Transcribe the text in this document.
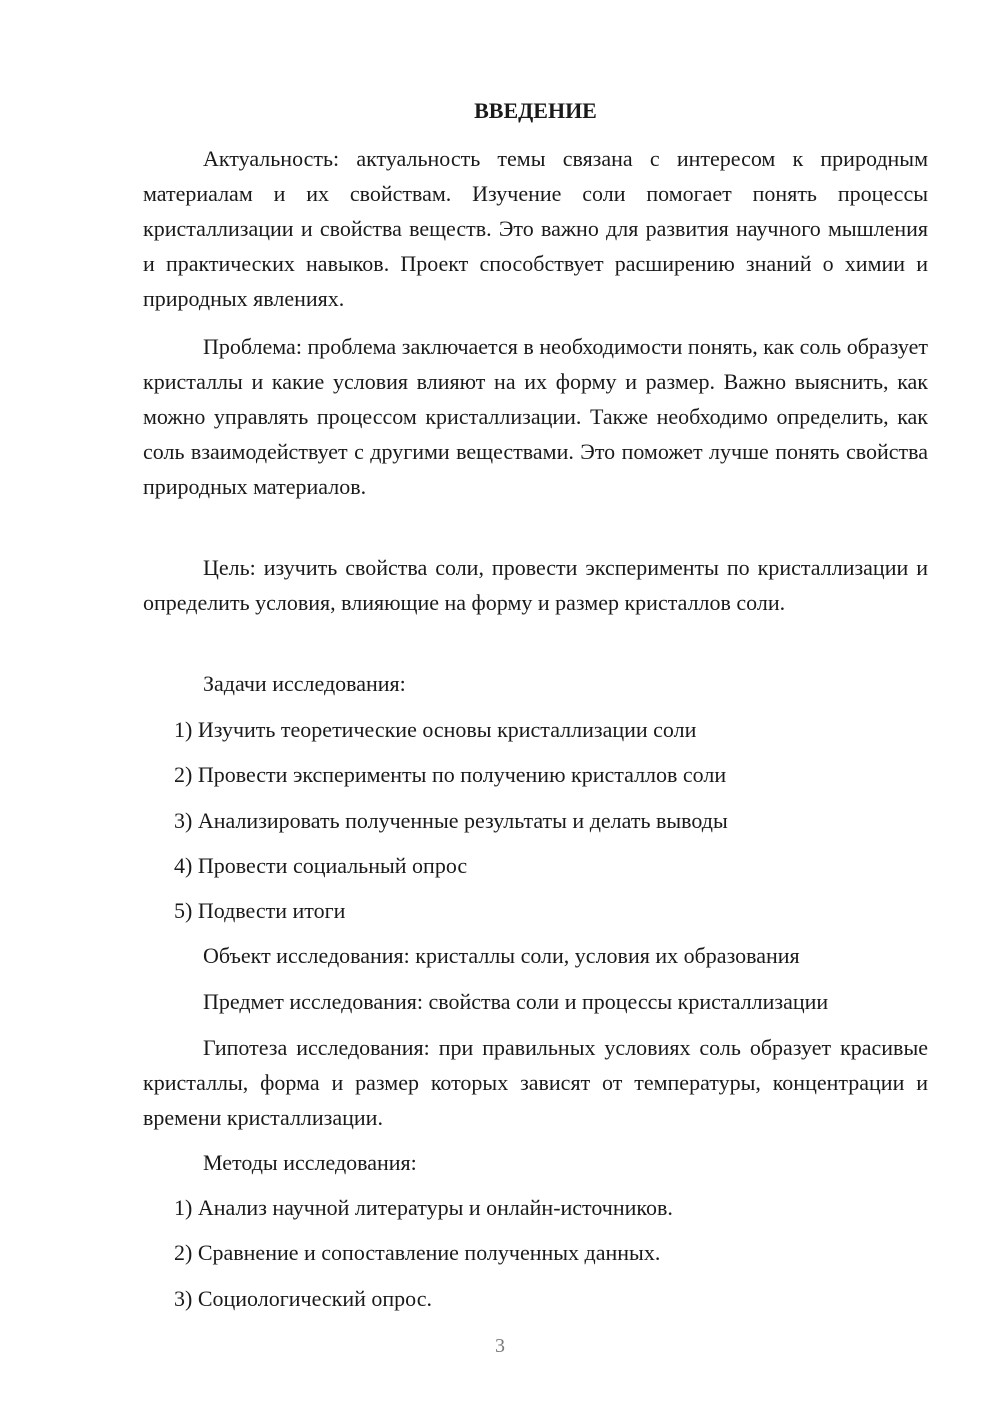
ВВЕДЕНИЕ
Актуальность: актуальность темы связана с интересом к природным материалам и их свойствам. Изучение соли помогает понять процессы кристаллизации и свойства веществ. Это важно для развития научного мышления и практических навыков. Проект способствует расширению знаний о химии и природных явлениях.
Проблема: проблема заключается в необходимости понять, как соль образует кристаллы и какие условия влияют на их форму и размер. Важно выяснить, как можно управлять процессом кристаллизации. Также необходимо определить, как соль взаимодействует с другими веществами. Это поможет лучше понять свойства природных материалов.
Цель: изучить свойства соли, провести эксперименты по кристаллизации и определить условия, влияющие на форму и размер кристаллов соли.
Задачи исследования:
1) Изучить теоретические основы кристаллизации соли
2) Провести эксперименты по получению кристаллов соли
3) Анализировать полученные результаты и делать выводы
4) Провести социальный опрос
5) Подвести итоги
Объект исследования: кристаллы соли, условия их образования
Предмет исследования: свойства соли и процессы кристаллизации
Гипотеза исследования: при правильных условиях соль образует красивые кристаллы, форма и размер которых зависят от температуры, концентрации и времени кристаллизации.
Методы исследования:
1) Анализ научной литературы и онлайн-источников.
2) Сравнение и сопоставление полученных данных.
3) Социологический опрос.
3
